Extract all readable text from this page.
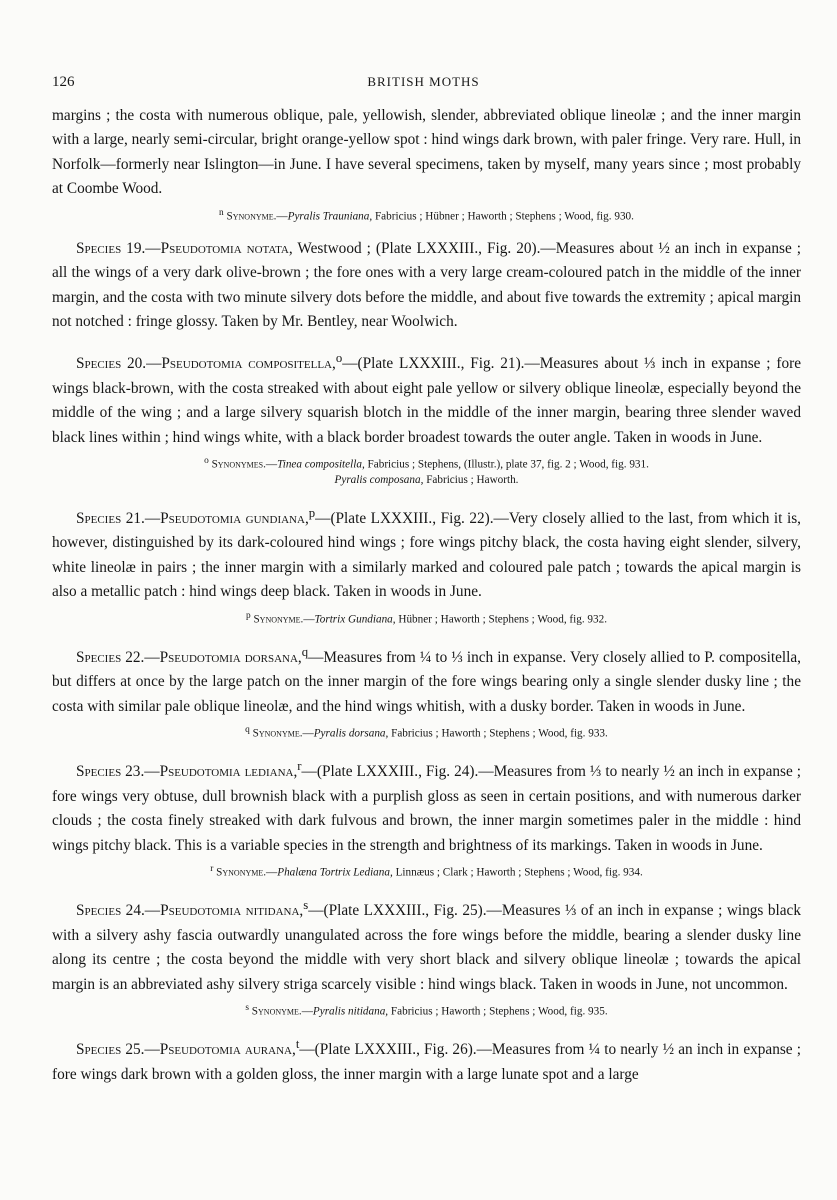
126	BRITISH MOTHS

margins ; the costa with numerous oblique, pale, yellowish, slender, abbreviated oblique lineolæ ; and the inner margin with a large, nearly semi-circular, bright orange-yellow spot : hind wings dark brown, with paler fringe. Very rare. Hull, in Norfolk—formerly near Islington—in June. I have several specimens, taken by myself, many years since ; most probably at Coombe Wood.

$^n$ Synonyme.—Pyralis Trauniana, Fabricius ; Hübner ; Haworth ; Stephens ; Wood, fig. 930.

Species 19.—Pseudotomia notata, Westwood ; (Plate LXXXIII., Fig. 20).—Measures about ½ an inch in expanse ; all the wings of a very dark olive-brown ; the fore ones with a very large cream-coloured patch in the middle of the inner margin, and the costa with two minute silvery dots before the middle, and about five towards the extremity ; apical margin not notched : fringe glossy. Taken by Mr. Bentley, near Woolwich.

Species 20.—Pseudotomia compositella,$^o$—(Plate LXXXIII., Fig. 21).—Measures about ⅓ inch in expanse ; fore wings black-brown, with the costa streaked with about eight pale yellow or silvery oblique lineolæ, especially beyond the middle of the wing ; and a large silvery squarish blotch in the middle of the inner margin, bearing three slender waved black lines within ; hind wings white, with a black border broadest towards the outer angle. Taken in woods in June.

$^o$ Synonymes.—Tinea compositella, Fabricius ; Stephens, (Illustr.), plate 37, fig. 2 ; Wood, fig. 931.
Pyralis composana, Fabricius ; Haworth.

Species 21.—Pseudotomia gundiana,$^p$—(Plate LXXXIII., Fig. 22).—Very closely allied to the last, from which it is, however, distinguished by its dark-coloured hind wings ; fore wings pitchy black, the costa having eight slender, silvery, white lineolæ in pairs ; the inner margin with a similarly marked and coloured pale patch ; towards the apical margin is also a metallic patch : hind wings deep black. Taken in woods in June.

$^p$ Synonyme.—Tortrix Gundiana, Hübner ; Haworth ; Stephens ; Wood, fig. 932.

Species 22.—Pseudotomia dorsana,$^q$—Measures from ¼ to ⅓ inch in expanse. Very closely allied to P. compositella, but differs at once by the large patch on the inner margin of the fore wings bearing only a single slender dusky line ; the costa with similar pale oblique lineolæ, and the hind wings whitish, with a dusky border. Taken in woods in June.

$^q$ Synonyme.—Pyralis dorsana, Fabricius ; Haworth ; Stephens ; Wood, fig. 933.

Species 23.—Pseudotomia lediana,$^r$—(Plate LXXXIII., Fig. 24).—Measures from ⅓ to nearly ½ an inch in expanse ; fore wings very obtuse, dull brownish black with a purplish gloss as seen in certain positions, and with numerous darker clouds ; the costa finely streaked with dark fulvous and brown, the inner margin sometimes paler in the middle : hind wings pitchy black. This is a variable species in the strength and brightness of its markings. Taken in woods in June.

$^r$ Synonyme.—Phalæna Tortrix Lediana, Linnæus ; Clark ; Haworth ; Stephens ; Wood, fig. 934.

Species 24.—Pseudotomia nitidana,$^s$—(Plate LXXXIII., Fig. 25).—Measures ⅓ of an inch in expanse ; wings black with a silvery ashy fascia outwardly unangulated across the fore wings before the middle, bearing a slender dusky line along its centre ; the costa beyond the middle with very short black and silvery oblique lineolæ ; towards the apical margin is an abbreviated ashy silvery striga scarcely visible : hind wings black. Taken in woods in June, not uncommon.

$^s$ Synonyme.—Pyralis nitidana, Fabricius ; Haworth ; Stephens ; Wood, fig. 935.

Species 25.—Pseudotomia aurana,$^t$—(Plate LXXXIII., Fig. 26).—Measures from ¼ to nearly ½ an inch in expanse ; fore wings dark brown with a golden gloss, the inner margin with a large lunate spot and a large
